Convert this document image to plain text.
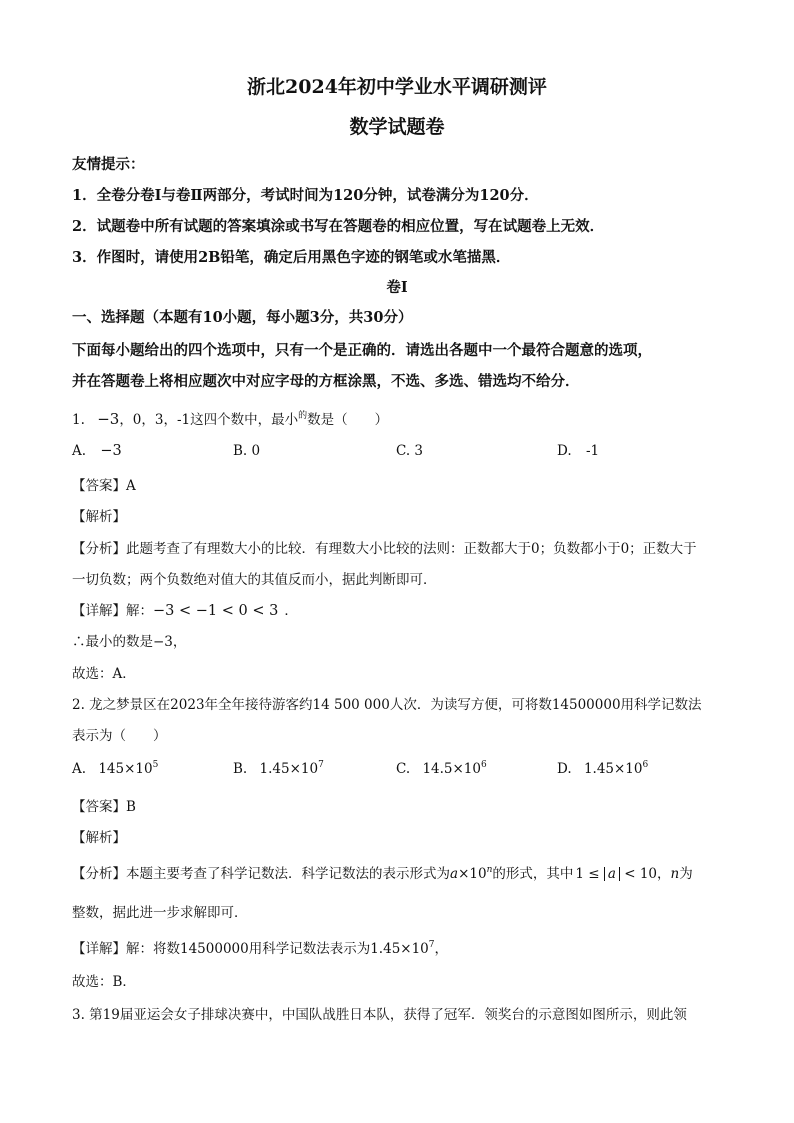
浙北2024年初中学业水平调研测评
数学试题卷
友情提示：
1．全卷分卷Ⅰ与卷Ⅱ两部分，考试时间为120分钟，试卷满分为120分．
2．试题卷中所有试题的答案填涂或书写在答题卷的相应位置，写在试题卷上无效．
3．作图时，请使用2B铅笔，确定后用黑色字迹的钢笔或水笔描黑．
卷Ⅰ
一、选择题（本题有10小题，每小题3分，共30分）
下面每小题给出的四个选项中，只有一个是正确的．请选出各题中一个最符合题意的选项，
并在答题卷上将相应题次中对应字母的方框涂黑，不选、多选、错选均不给分．
1. −3，0，3，-1这四个数中，最小$^的$数是（　　）
A. −3	B. 0	C. 3	D. -1
【答案】A
【解析】
【分析】此题考查了有理数大小的比较．有理数大小比较的法则：正数都大于0；负数都小于0；正数大于
一切负数；两个负数绝对值大的其值反而小，据此判断即可．
【详解】解：−3 < −1 < 0 < 3 ．
∴最小的数是−3，
故选：A．
2. 龙之梦景区在2023年全年接待游客约14 500 000人次．为读写方便，可将数14500000用科学记数法
表示为（　　）
A. $145\times 10^5$	B. $1.45\times 10^7$	C. $14.5\times 10^6$	D. $1.45\times 10^6$
【答案】B
【解析】
【分析】本题主要考查了科学记数法．科学记数法的表示形式为$a\times 10^n$的形式，其中 1 ≤ a < 10，n为
整数，据此进一步求解即可．
【详解】解：将数14500000用科学记数法表示为$1.45\times 10^7$，
故选：B．
3. 第19届亚运会女子排球决赛中，中国队战胜日本队，获得了冠军．领奖台的示意图如图所示，则此领
